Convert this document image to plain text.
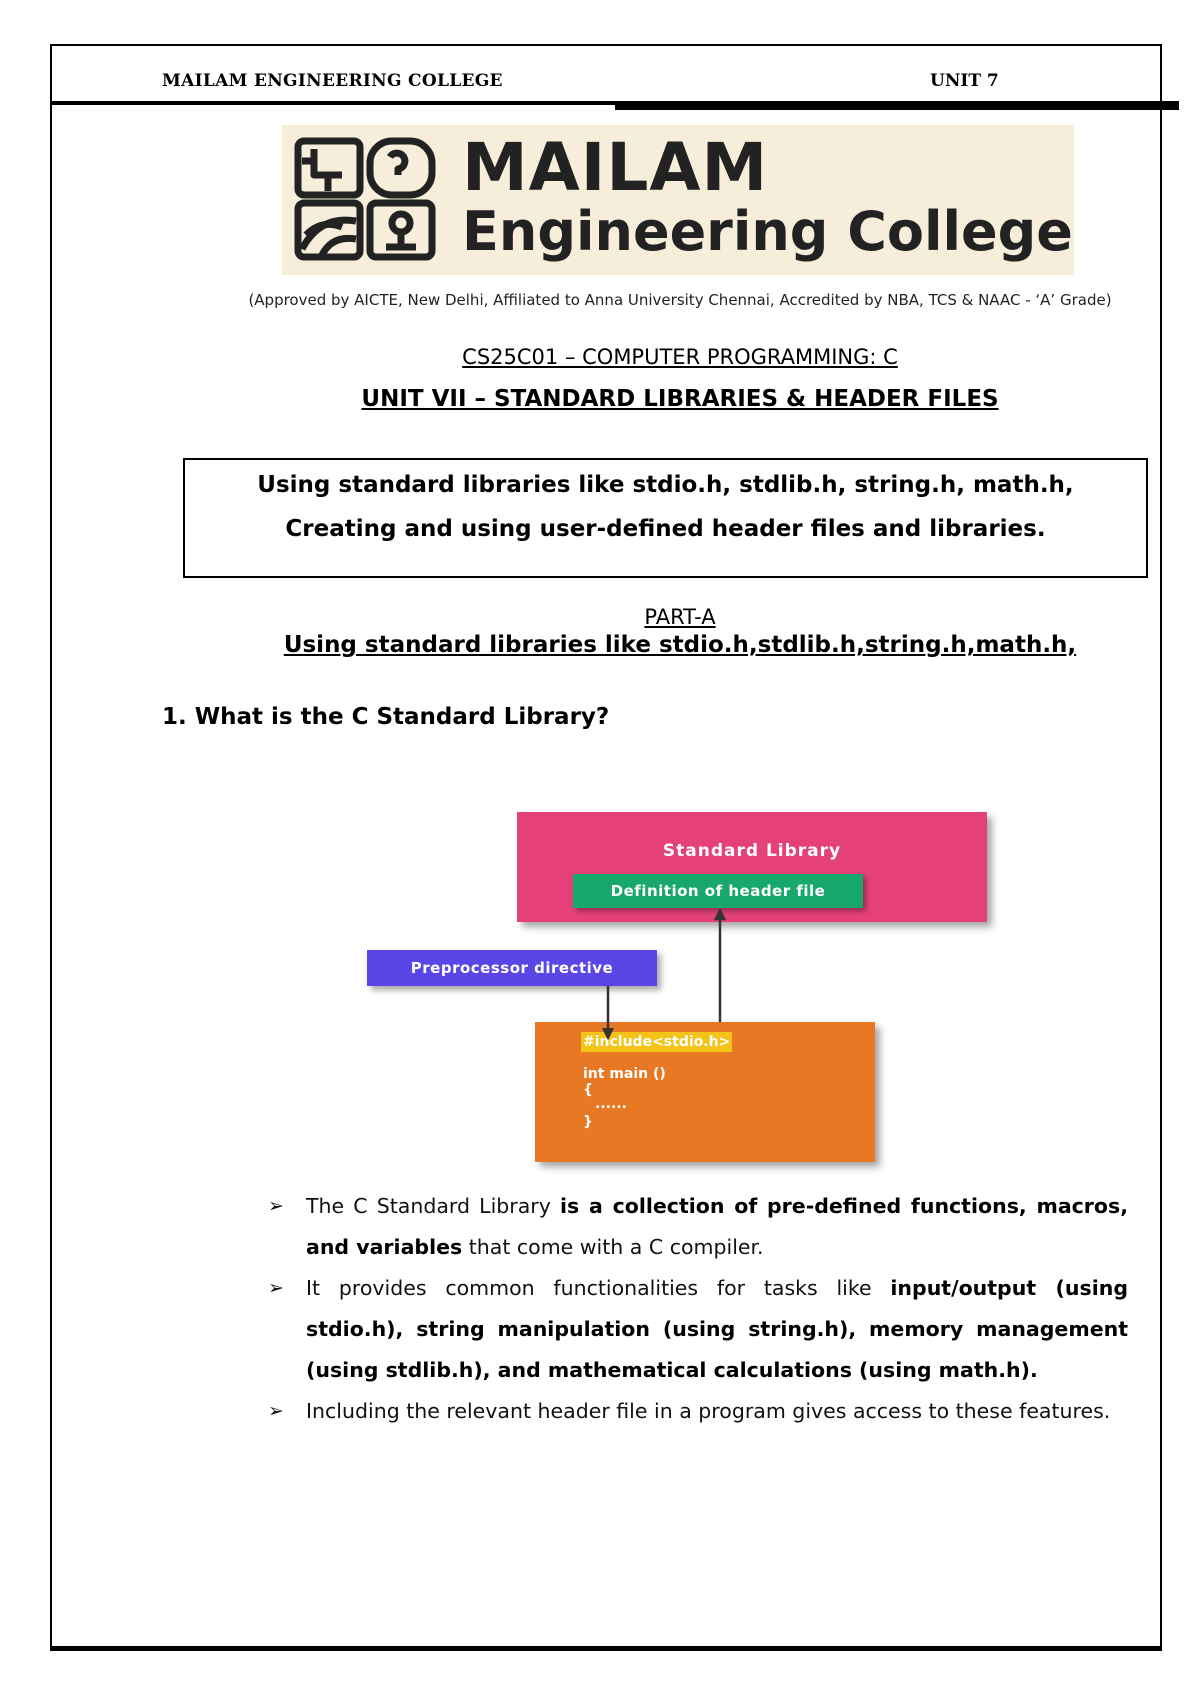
MAILAM ENGINEERING COLLEGE	UNIT 7
MAILAM
Engineering College
(Approved by AICTE, New Delhi, Affiliated to Anna University Chennai, Accredited by NBA, TCS & NAAC - ‘A’ Grade)
CS25C01 – COMPUTER PROGRAMMING: C
UNIT VII – STANDARD LIBRARIES & HEADER FILES
Using standard libraries like stdio.h, stdlib.h, string.h, math.h,
Creating and using user-defined header files and libraries.
PART-A
Using standard libraries like stdio.h,stdlib.h,string.h,math.h,
1. What is the C Standard Library?
Standard Library
Definition of header file
Preprocessor directive
#include<stdio.h>
int main ()
{
......
}
➢ The C Standard Library is a collection of pre-defined functions, macros, and variables that come with a C compiler.
➢ It provides common functionalities for tasks like input/output (using stdio.h), string manipulation (using string.h), memory management (using stdlib.h), and mathematical calculations (using math.h).
➢ Including the relevant header file in a program gives access to these features.
